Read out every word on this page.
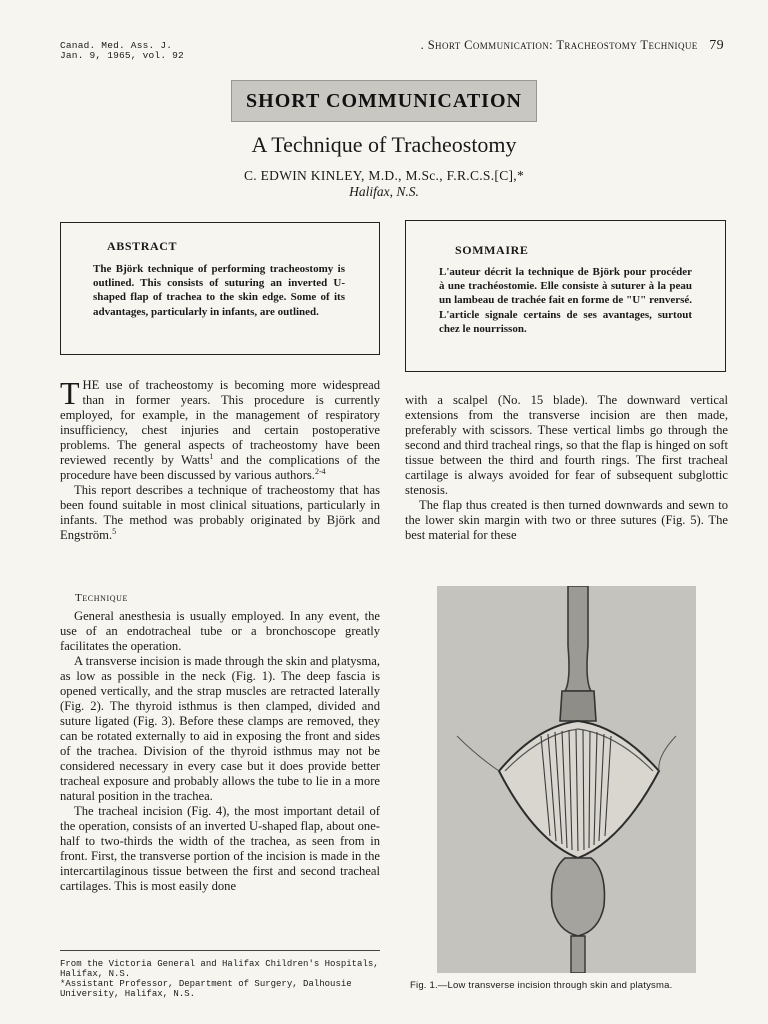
Canad. Med. Ass. J.
Jan. 9, 1965, vol. 92
. Short Communication: Tracheostomy Technique 79
SHORT COMMUNICATION
A Technique of Tracheostomy
C. EDWIN KINLEY, M.D., M.Sc., F.R.C.S.[C],*
Halifax, N.S.
ABSTRACT

The Björk technique of performing tracheostomy is outlined. This consists of suturing an inverted U-shaped flap of trachea to the skin edge. Some of its advantages, particularly in infants, are outlined.

SOMMAIRE

L'auteur décrit la technique de Björk pour procéder à une trachéostomie. Elle consiste à suturer à la peau un lambeau de trachée fait en forme de "U" renversé. L'article signale certains de ses avantages, surtout chez le nourrisson.

THE use of tracheostomy is becoming more widespread than in former years. This procedure is currently employed, for example, in the management of respiratory insufficiency, chest injuries and certain postoperative problems. The general aspects of tracheostomy have been reviewed recently by Watts$^1$ and the complications of the procedure have been discussed by various authors.$^{2-4}$

This report describes a technique of tracheostomy that has been found suitable in most clinical situations, particularly in infants. The method was probably originated by Björk and Engström.$^5$

Technique

General anesthesia is usually employed. In any event, the use of an endotracheal tube or a bronchoscope greatly facilitates the operation.

A transverse incision is made through the skin and platysma, as low as possible in the neck (Fig. 1). The deep fascia is opened vertically, and the strap muscles are retracted laterally (Fig. 2). The thyroid isthmus is then clamped, divided and suture ligated (Fig. 3). Before these clamps are removed, they can be rotated externally to aid in exposing the front and sides of the trachea. Division of the thyroid isthmus may not be considered necessary in every case but it does provide better tracheal exposure and probably allows the tube to lie in a more natural position in the trachea.

The tracheal incision (Fig. 4), the most important detail of the operation, consists of an inverted U-shaped flap, about one-half to two-thirds the width of the trachea, as seen from in front. First, the transverse portion of the incision is made in the intercartilaginous tissue between the first and second tracheal cartilages. This is most easily done

with a scalpel (No. 15 blade). The downward vertical extensions from the transverse incision are then made, preferably with scissors. These vertical limbs go through the second and third tracheal rings, so that the flap is hinged on soft tissue between the third and fourth rings. The first tracheal cartilage is always avoided for fear of subsequent subglottic stenosis.

The flap thus created is then turned downwards and sewn to the lower skin margin with two or three sutures (Fig. 5). The best material for these

Fig. 1.—Low transverse incision through skin and platysma.
From the Victoria General and Halifax Children's Hospitals,
Halifax, N.S.
*Assistant Professor, Department of Surgery, Dalhousie
University, Halifax, N.S.
